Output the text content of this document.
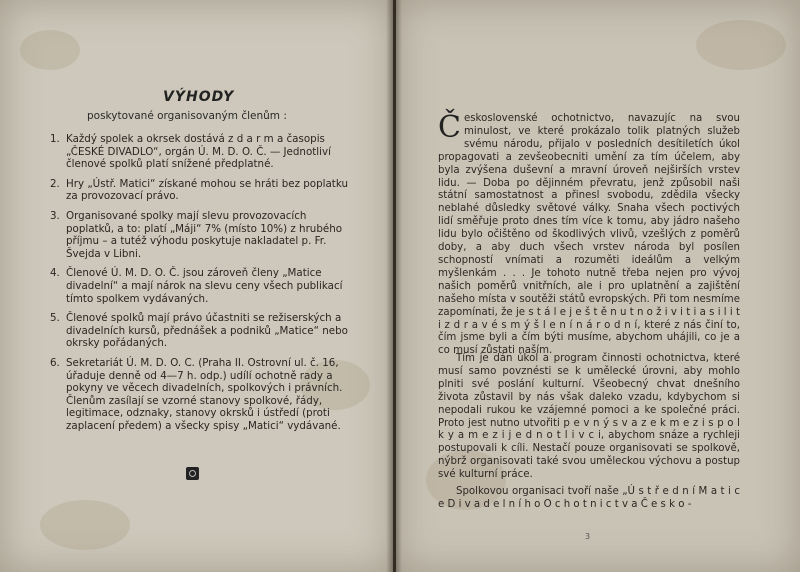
VÝHODY
poskytované organisovaným členům :
1. Každý spolek a okrsek dostává z d a r m a časopis „ČESKÉ DIVADLO“, orgán Ú. M. D. O. Č. — Jednotliví členové spolků platí snížené předplatné.
2. Hry „Ústř. Matici“ získané mohou se hráti bez poplatku za provozovací právo.
3. Organisované spolky mají slevu provozovacích poplatků, a to: platí „Máji“ 7% (místo 10%) z hrubého příjmu – a tutéž výhodu poskytuje nakladatel p. Fr. Švejda v Libni.
4. Členové Ú. M. D. O. Č. jsou zároveň členy „Matice divadelní“ a mají nárok na slevu ceny všech publikací tímto spolkem vydávaných.
5. Členové spolků mají právo účastniti se režiserských a divadelních kursů, přednášek a podniků „Matice“ nebo okrsky pořádaných.
6. Sekretariát Ú. M. D. O. C. (Praha II. Ostrovní ul. č. 16, úřaduje denně od 4—7 h. odp.) udílí ochotně rady a pokyny ve věcech divadelních, spolkových i právních. Členům zasílají se vzorné stanovy spolkové, řády, legitimace, odznaky, stanovy okrsků i ústředí (proti zaplacení předem) a všecky spisy „Matici“ vydávané.

Československé ochotnictvo, navazujíc na svou minulost, ve které prokázalo tolik platných služeb svému národu, přijalo v posledních desítiletích úkol propagovati a zevšeobecniti umění za tím účelem, aby byla zvýšena duševní a mravní úroveň nejširších vrstev lidu. — Doba po dějinném převratu, jenž způsobil naši státní samostatnost a přinesl svobodu, zdědila všecky neblahé důsledky světové války. Snaha všech poctivých lidí směřuje proto dnes tím více k tomu, aby jádro našeho lidu bylo očištěno od škodlivých vlivů, vzešlých z poměrů doby, a aby duch všech vrstev národa byl posílen schopností vnímati a rozuměti ideálům a velkým myšlenkám . . . Je tohoto nutně třeba nejen pro vývoj našich poměrů vnitřních, ale i pro uplatnění a zajištění našeho místa v soutěži států evropských. Při tom nesmíme zapomínati, že je s t á l e j e š t ě n u t n o ž i v i t i a s i l i t i z d r a v é s m ý š l e n í n á r o d n í, které z nás činí to, čím jsme byli a čím býti musíme, abychom uhájili, co je a co musí zůstati naším.

Tím je dán úkol a program činnosti ochotnictva, které musí samo povznésti se k umělecké úrovni, aby mohlo plniti své poslání kulturní. Všeobecný chvat dnešního života zůstavil by nás však daleko vzadu, kdybychom si nepodali rukou ke vzájemné pomoci a ke společné práci. Proto jest nutno utvořiti p e v n ý s v a z e k m e z i s p o l k y a m e z i j e d n o t l i v c i, abychom snáze a rychleji postupovali k cíli. Nestačí pouze organisovati se spolkově, nýbrž organisovati také svou uměleckou výchovu a postup své kulturní práce.

Spolkovou organisaci tvoří naše „Ú s t ř e d n í M a t i c e D i v a d e l n í h o O c h o t n i c t v a Č e s k o -

3
